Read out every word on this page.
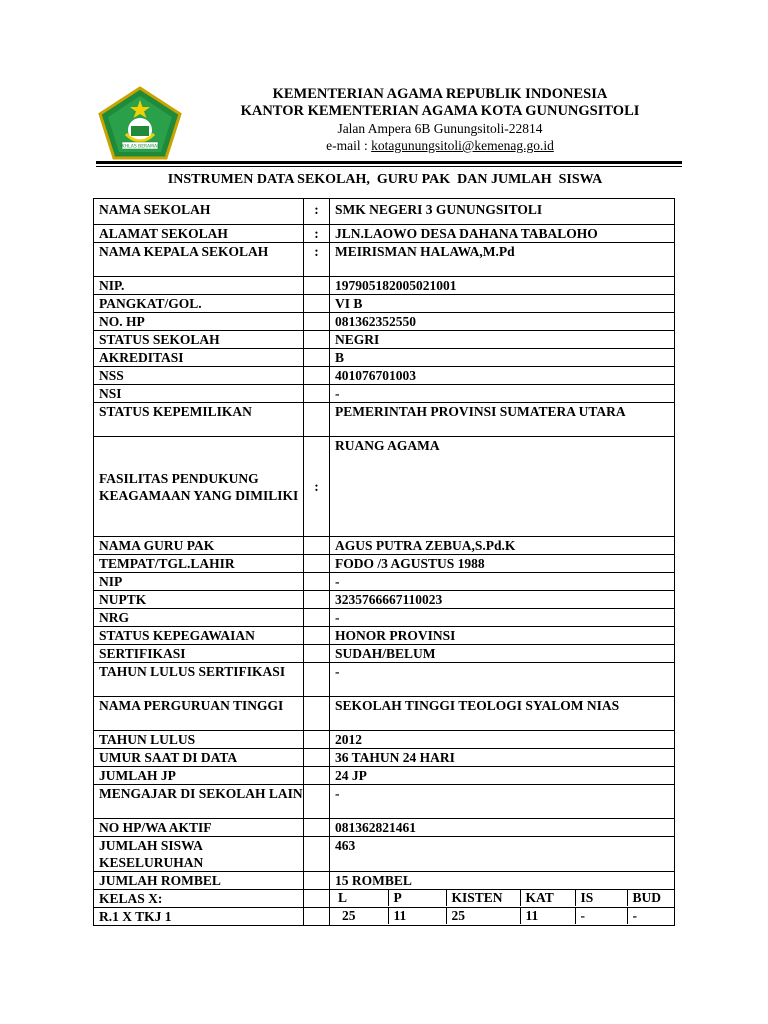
IKHLAS BERAMAL
KEMENTERIAN AGAMA REPUBLIK INDONESIA
KANTOR KEMENTERIAN AGAMA KOTA GUNUNGSITOLI
Jalan Ampera 6B Gunungsitoli-22814
e-mail : kotagunungsitoli@kemenag.go.id
INSTRUMEN DATA SEKOLAH,  GURU PAK  DAN JUMLAH  SISWA
NAMA SEKOLAH	:	SMK NEGERI 3 GUNUNGSITOLI
ALAMAT SEKOLAH	:	JLN.LAOWO DESA DAHANA TABALOHO
NAMA KEPALA SEKOLAH	:	MEIRISMAN HALAWA,M.Pd
NIP.		197905182005021001
PANGKAT/GOL.		VI B
NO. HP		081362352550
STATUS SEKOLAH		NEGRI
AKREDITASI		B
NSS		401076701003
NSI		-
STATUS KEPEMILIKAN		PEMERINTAH PROVINSI SUMATERA UTARA
FASILITAS PENDUKUNG KEAGAMAAN YANG DIMILIKI	:	RUANG AGAMA
NAMA GURU PAK		AGUS PUTRA ZEBUA,S.Pd.K
TEMPAT/TGL.LAHIR		FODO /3 AGUSTUS 1988
NIP		-
NUPTK		3235766667110023
NRG		-
STATUS KEPEGAWAIAN		HONOR PROVINSI
SERTIFIKASI		SUDAH/BELUM
TAHUN LULUS SERTIFIKASI		-
NAMA PERGURUAN TINGGI		SEKOLAH TINGGI TEOLOGI SYALOM NIAS
TAHUN LULUS		2012
UMUR SAAT DI DATA		36 TAHUN 24 HARI
JUMLAH JP		24 JP
MENGAJAR DI SEKOLAH LAIN		-
NO HP/WA AKTIF		081362821461
JUMLAH SISWA KESELURUHAN		463
JUMLAH ROMBEL		15 ROMBEL
KELAS X:			L	P	KISTEN	KAT	IS	BUD

R.1 X TKJ 1			25	11	25	11	-	-
